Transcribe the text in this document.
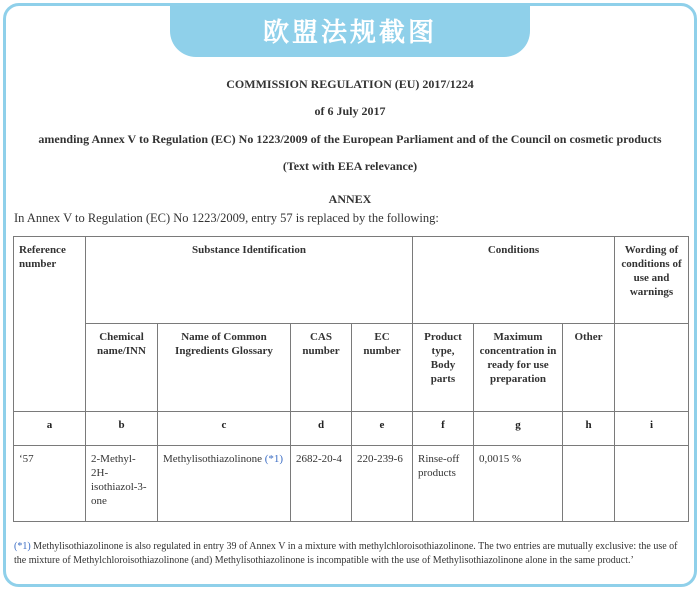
欧盟法规截图
COMMISSION REGULATION (EU) 2017/1224
of 6 July 2017
amending Annex V to Regulation (EC) No 1223/2009 of the European Parliament and of the Council on cosmetic products
(Text with EEA relevance)
ANNEX
In Annex V to Regulation (EC) No 1223/2009, entry 57 is replaced by the following:
Reference number	Substance Identification				Conditions			Wording of conditions of use and warnings
	Chemical name/INN	Name of Common Ingredients Glossary	CAS number	EC number	Product type, Body parts	Maximum concentration in ready for use preparation	Other	
a	b	c	d	e	f	g	h	i
‘57	2-Methyl-2H-isothiazol-3-one	Methylisothiazolinone (*1)	2682-20-4	220-239-6	Rinse-off products	0,0015 %		
(*1) Methylisothiazolinone is also regulated in entry 39 of Annex V in a mixture with methylchloroisothiazolinone. The two entries are mutually exclusive: the use of the mixture of Methylchloroisothiazolinone (and) Methylisothiazolinone is incompatible with the use of Methylisothiazolinone alone in the same product.’
